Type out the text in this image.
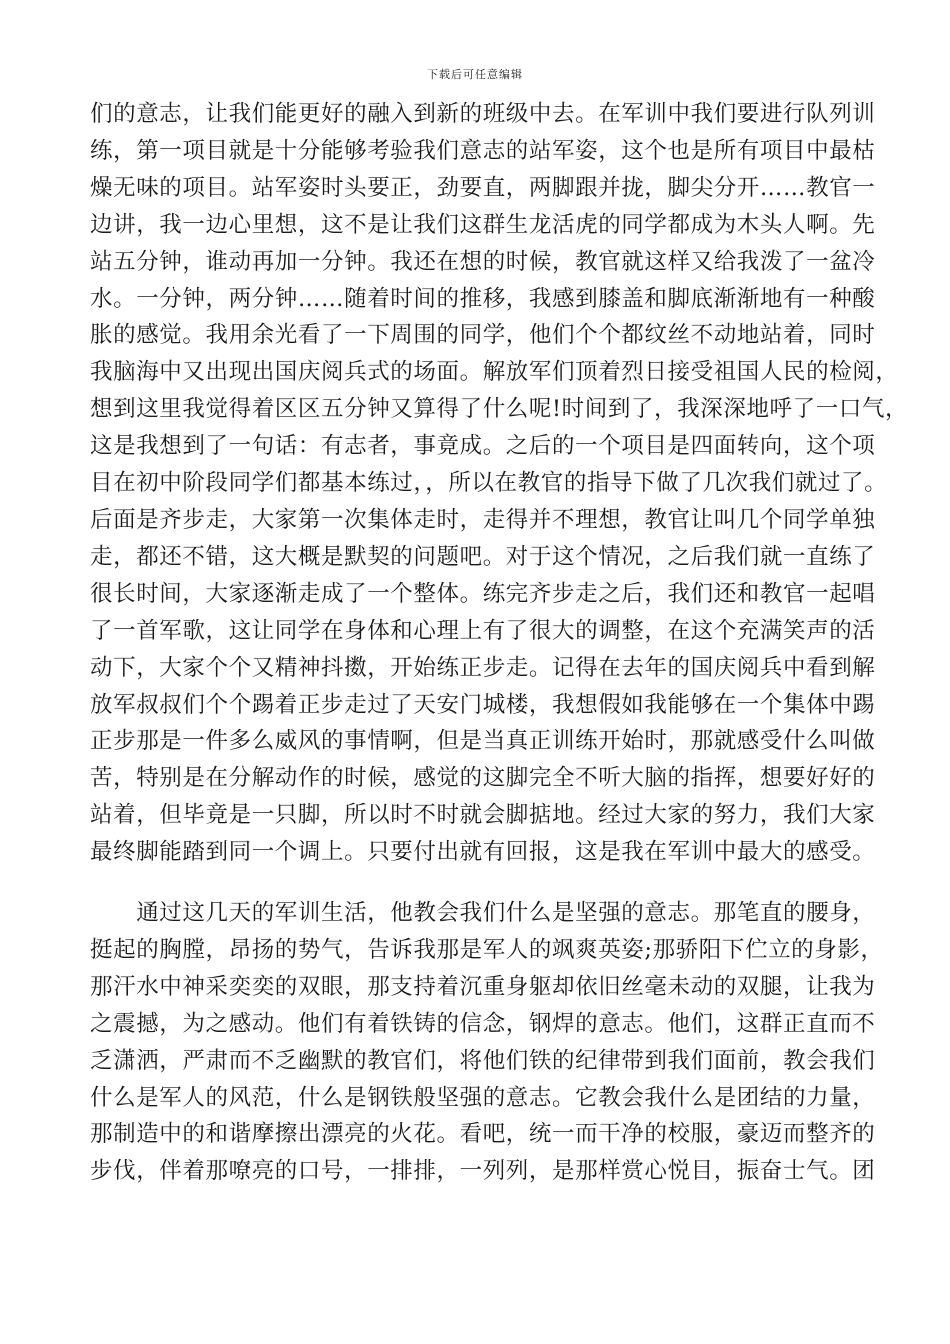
下载后可任意编辑
们的意志，让我们能更好的融入到新的班级中去。在军训中我们要进行队列训
练，第一项目就是十分能够考验我们意志的站军姿，这个也是所有项目中最枯
燥无味的项目。站军姿时头要正，劲要直，两脚跟并拢，脚尖分开……教官一
边讲，我一边心里想，这不是让我们这群生龙活虎的同学都成为木头人啊。先
站五分钟，谁动再加一分钟。我还在想的时候，教官就这样又给我泼了一盆冷
水。一分钟，两分钟……随着时间的推移，我感到膝盖和脚底渐渐地有一种酸
胀的感觉。我用余光看了一下周围的同学，他们个个都纹丝不动地站着，同时
我脑海中又出现出国庆阅兵式的场面。解放军们顶着烈日接受祖国人民的检阅，
想到这里我觉得着区区五分钟又算得了什么呢!时间到了，我深深地呼了一口气，
这是我想到了一句话：有志者，事竟成。之后的一个项目是四面转向，这个项
目在初中阶段同学们都基本练过，，所以在教官的指导下做了几次我们就过了。
后面是齐步走，大家第一次集体走时，走得并不理想，教官让叫几个同学单独
走，都还不错，这大概是默契的问题吧。对于这个情况，之后我们就一直练了
很长时间，大家逐渐走成了一个整体。练完齐步走之后，我们还和教官一起唱
了一首军歌，这让同学在身体和心理上有了很大的调整，在这个充满笑声的活
动下，大家个个又精神抖擞，开始练正步走。记得在去年的国庆阅兵中看到解
放军叔叔们个个踢着正步走过了天安门城楼，我想假如我能够在一个集体中踢
正步那是一件多么威风的事情啊，但是当真正训练开始时，那就感受什么叫做
苦，特别是在分解动作的时候，感觉的这脚完全不听大脑的指挥，想要好好的
站着，但毕竟是一只脚，所以时不时就会脚掂地。经过大家的努力，我们大家
最终脚能踏到同一个调上。只要付出就有回报，这是我在军训中最大的感受。
　　通过这几天的军训生活，他教会我们什么是坚强的意志。那笔直的腰身，
挺起的胸膛，昂扬的势气，告诉我那是军人的飒爽英姿;那骄阳下伫立的身影，
那汗水中神采奕奕的双眼，那支持着沉重身躯却依旧丝毫未动的双腿，让我为
之震撼，为之感动。他们有着铁铸的信念，钢焊的意志。他们，这群正直而不
乏潇洒，严肃而不乏幽默的教官们，将他们铁的纪律带到我们面前，教会我们
什么是军人的风范，什么是钢铁般坚强的意志。它教会我什么是团结的力量，
那制造中的和谐摩擦出漂亮的火花。看吧，统一而干净的校服，豪迈而整齐的
步伐，伴着那嘹亮的口号，一排排，一列列，是那样赏心悦目，振奋士气。团
